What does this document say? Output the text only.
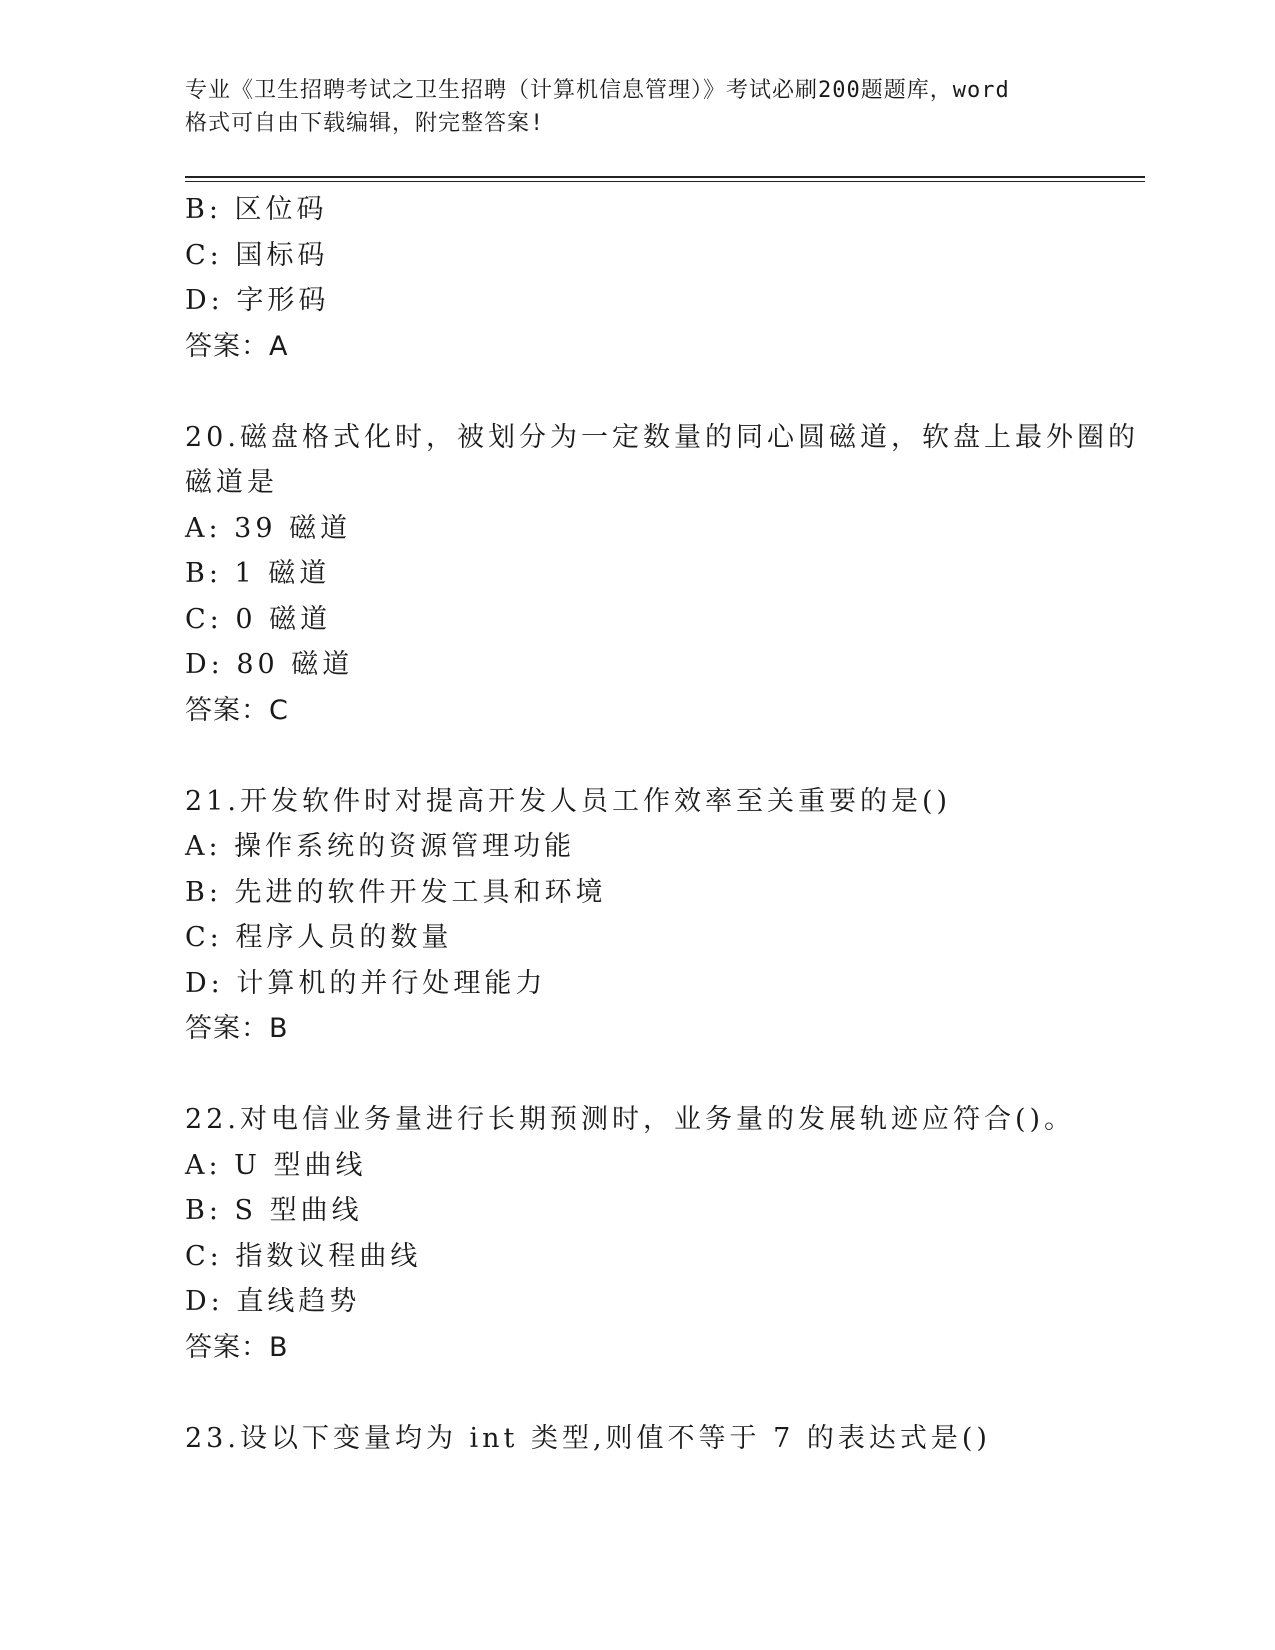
专业《卫生招聘考试之卫生招聘（计算机信息管理）》考试必刷200题题库，word
格式可自由下载编辑，附完整答案!
B: 区位码
C: 国标码
D: 字形码
答案：A
20.磁盘格式化时，被划分为一定数量的同心圆磁道，软盘上最外圈的
磁道是
A: 39 磁道
B: 1 磁道
C: 0 磁道
D: 80 磁道
答案：C
21.开发软件时对提高开发人员工作效率至关重要的是()
A: 操作系统的资源管理功能
B: 先进的软件开发工具和环境
C: 程序人员的数量
D: 计算机的并行处理能力
答案：B
22.对电信业务量进行长期预测时，业务量的发展轨迹应符合()。
A: U 型曲线
B: S 型曲线
C: 指数议程曲线
D: 直线趋势
答案：B
23.设以下变量均为 int 类型,则值不等于 7 的表达式是()
